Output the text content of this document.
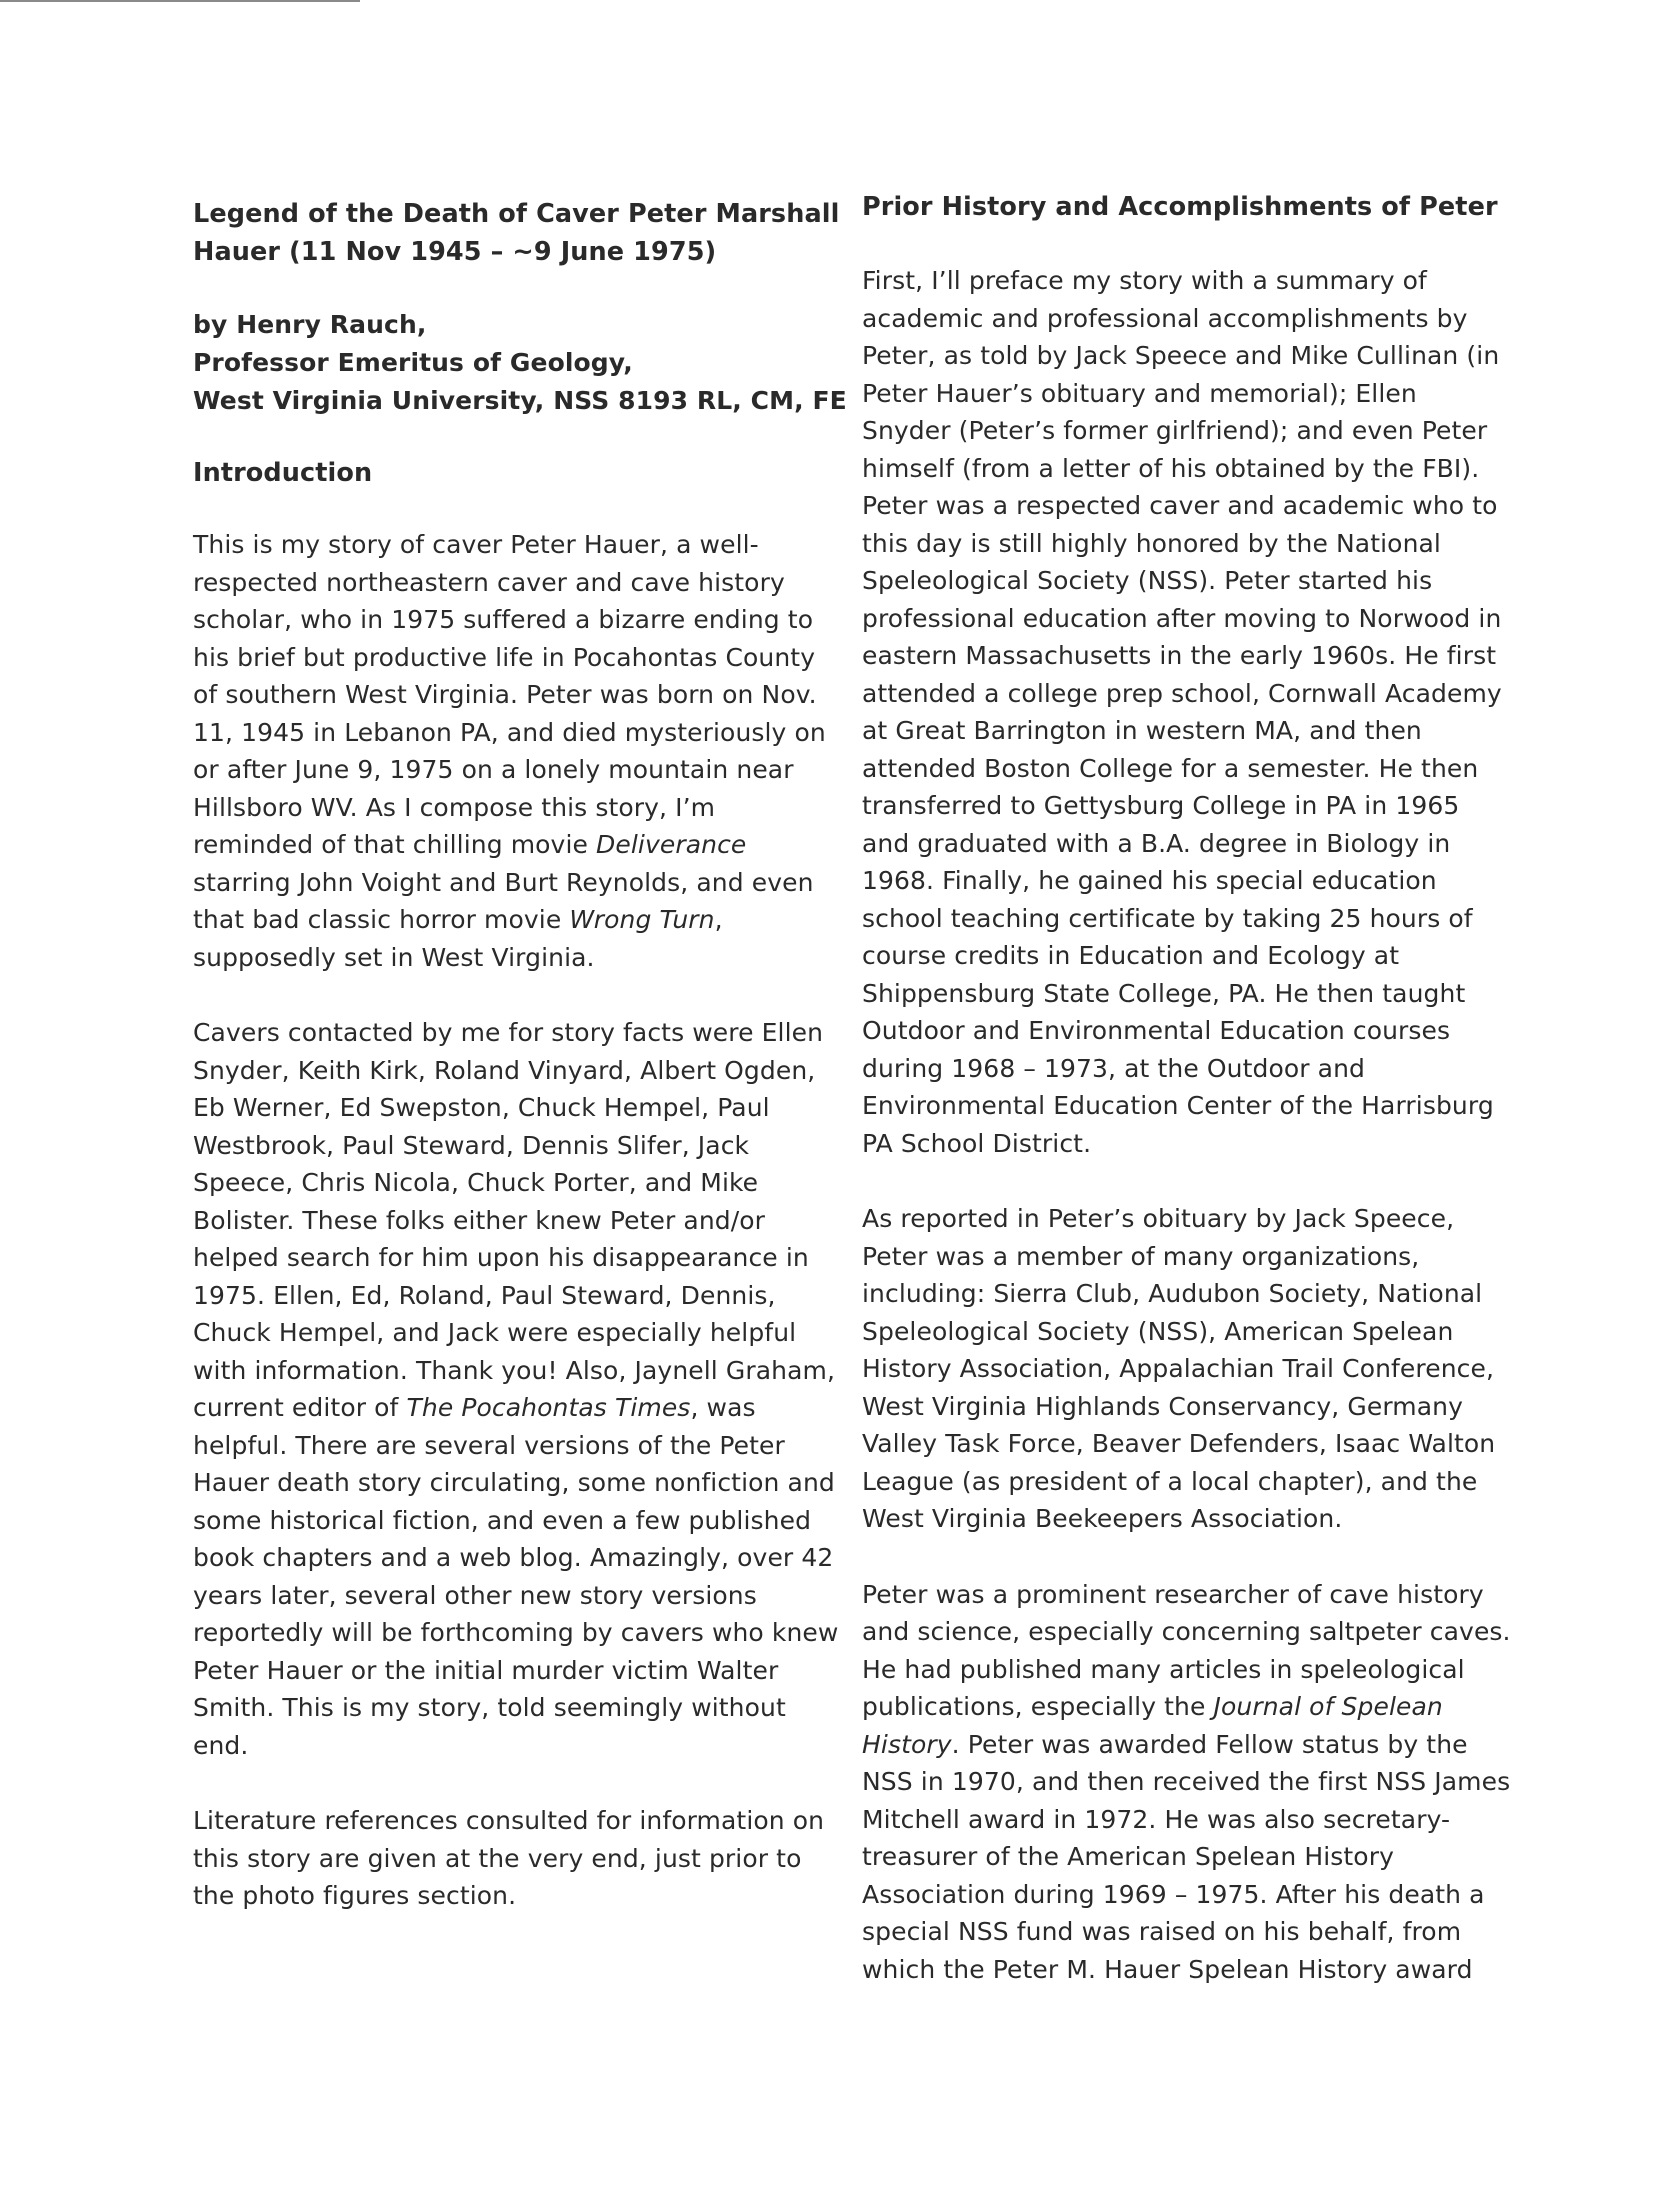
Legend of the Death of Caver Peter Marshall Hauer (11 Nov 1945 – ~9 June 1975)
by Henry Rauch,
Professor Emeritus of Geology,
West Virginia University, NSS 8193 RL, CM, FE
Introduction

This is my story of caver Peter Hauer, a well-respected northeastern caver and cave history scholar, who in 1975 suffered a bizarre ending to his brief but productive life in Pocahontas County of southern West Virginia. Peter was born on Nov. 11, 1945 in Lebanon PA, and died mysteriously on or after June 9, 1975 on a lonely mountain near Hillsboro WV. As I compose this story, I’m reminded of that chilling movie Deliverance starring John Voight and Burt Reynolds, and even that bad classic horror movie Wrong Turn, supposedly set in West Virginia.

Cavers contacted by me for story facts were Ellen Snyder, Keith Kirk, Roland Vinyard, Albert Ogden, Eb Werner, Ed Swepston, Chuck Hempel, Paul Westbrook, Paul Steward, Dennis Slifer, Jack Speece, Chris Nicola, Chuck Porter, and Mike Bolister. These folks either knew Peter and/or helped search for him upon his disappearance in 1975. Ellen, Ed, Roland, Paul Steward, Dennis, Chuck Hempel, and Jack were especially helpful with information. Thank you! Also, Jaynell Graham, current editor of The Pocahontas Times, was helpful. There are several versions of the Peter Hauer death story circulating, some nonfiction and some historical fiction, and even a few published book chapters and a web blog. Amazingly, over 42 years later, several other new story versions reportedly will be forthcoming by cavers who knew Peter Hauer or the initial murder victim Walter Smith. This is my story, told seemingly without end.

Literature references consulted for information on this story are given at the very end, just prior to the photo figures section.

Prior History and Accomplishments of Peter

First, I’ll preface my story with a summary of academic and professional accomplishments by Peter, as told by Jack Speece and Mike Cullinan (in Peter Hauer’s obituary and memorial); Ellen Snyder (Peter’s former girlfriend); and even Peter himself (from a letter of his obtained by the FBI). Peter was a respected caver and academic who to this day is still highly honored by the National Speleological Society (NSS). Peter started his professional education after moving to Norwood in eastern Massachusetts in the early 1960s. He first attended a college prep school, Cornwall Academy at Great Barrington in western MA, and then attended Boston College for a semester. He then transferred to Gettysburg College in PA in 1965 and graduated with a B.A. degree in Biology in 1968. Finally, he gained his special education school teaching certificate by taking 25 hours of course credits in Education and Ecology at Shippensburg State College, PA. He then taught Outdoor and Environmental Education courses during 1968 – 1973, at the Outdoor and Environmental Education Center of the Harrisburg PA School District.

As reported in Peter’s obituary by Jack Speece, Peter was a member of many organizations, including: Sierra Club, Audubon Society, National Speleological Society (NSS), American Spelean History Association, Appalachian Trail Conference, West Virginia Highlands Conservancy, Germany Valley Task Force, Beaver Defenders, Isaac Walton League (as president of a local chapter), and the West Virginia Beekeepers Association.

Peter was a prominent researcher of cave history and science, especially concerning saltpeter caves. He had published many articles in speleological publications, especially the Journal of Spelean History. Peter was awarded Fellow status by the NSS in 1970, and then received the first NSS James Mitchell award in 1972. He was also secretary-treasurer of the American Spelean History Association during 1969 – 1975. After his death a special NSS fund was raised on his behalf, from which the Peter M. Hauer Spelean History award
